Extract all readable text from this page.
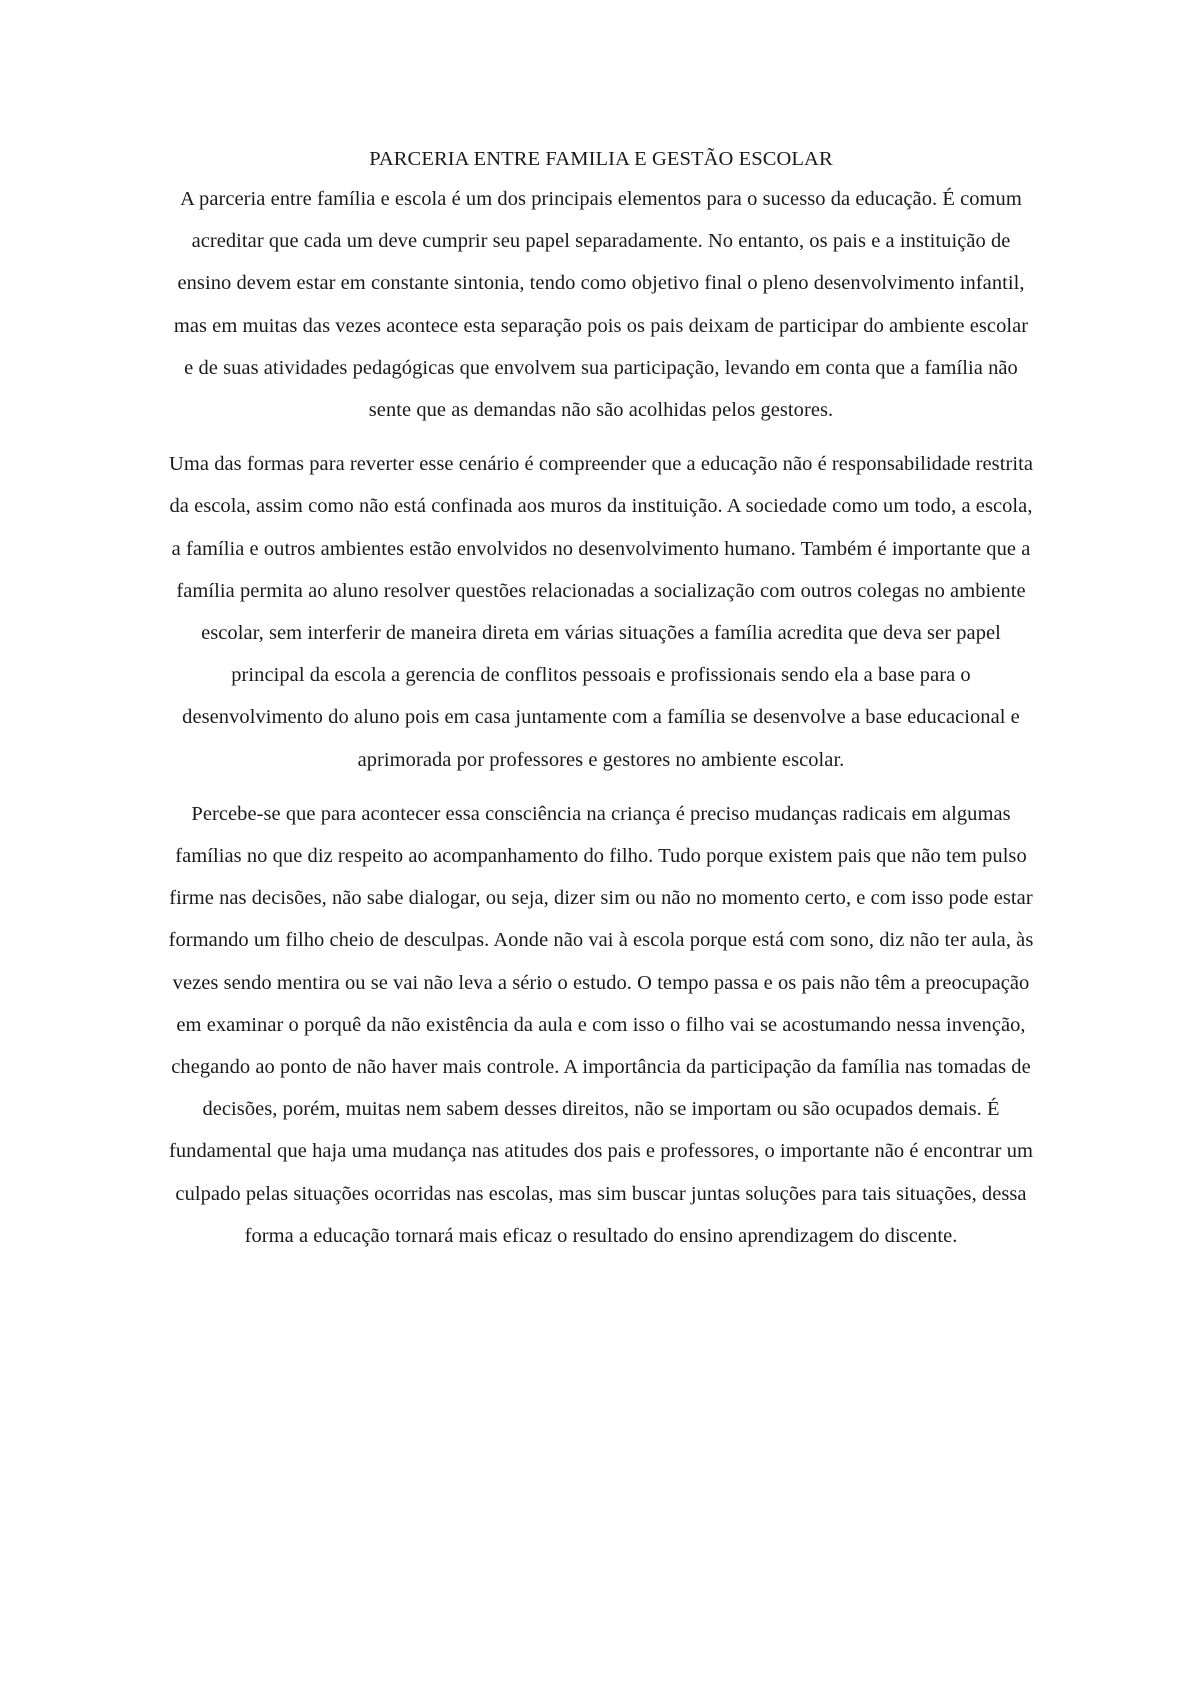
PARCERIA ENTRE FAMILIA E GESTÃO ESCOLAR

A parceria entre família e escola é um dos principais elementos para o sucesso da educação. É comum acreditar que cada um deve cumprir seu papel separadamente. No entanto, os pais e a instituição de ensino devem estar em constante sintonia, tendo como objetivo final o pleno desenvolvimento infantil, mas em muitas das vezes acontece esta separação pois os pais deixam de participar do ambiente escolar e de suas atividades pedagógicas que envolvem sua participação, levando em conta que a família não sente que as demandas não são acolhidas pelos gestores.

Uma das formas para reverter esse cenário é compreender que a educação não é responsabilidade restrita da escola, assim como não está confinada aos muros da instituição. A sociedade como um todo, a escola, a família e outros ambientes estão envolvidos no desenvolvimento humano. Também é importante que a família permita ao aluno resolver questões relacionadas a socialização com outros colegas no ambiente escolar, sem interferir de maneira direta em várias situações a família acredita que deva ser papel principal da escola a gerencia de conflitos pessoais e profissionais sendo ela a base para o desenvolvimento do aluno pois em casa juntamente com a família se desenvolve a base educacional e aprimorada por professores e gestores no ambiente escolar.

Percebe-se que para acontecer essa consciência na criança é preciso mudanças radicais em algumas famílias no que diz respeito ao acompanhamento do filho. Tudo porque existem pais que não tem pulso firme nas decisões, não sabe dialogar, ou seja, dizer sim ou não no momento certo, e com isso pode estar formando um filho cheio de desculpas. Aonde não vai à escola porque está com sono, diz não ter aula, às vezes sendo mentira ou se vai não leva a sério o estudo. O tempo passa e os pais não têm a preocupação em examinar o porquê da não existência da aula e com isso o filho vai se acostumando nessa invenção, chegando ao ponto de não haver mais controle. A importância da participação da família nas tomadas de decisões, porém, muitas nem sabem desses direitos, não se importam ou são ocupados demais. É fundamental que haja uma mudança nas atitudes dos pais e professores, o importante não é encontrar um culpado pelas situações ocorridas nas escolas, mas sim buscar juntas soluções para tais situações, dessa forma a educação tornará mais eficaz o resultado do ensino aprendizagem do discente.
